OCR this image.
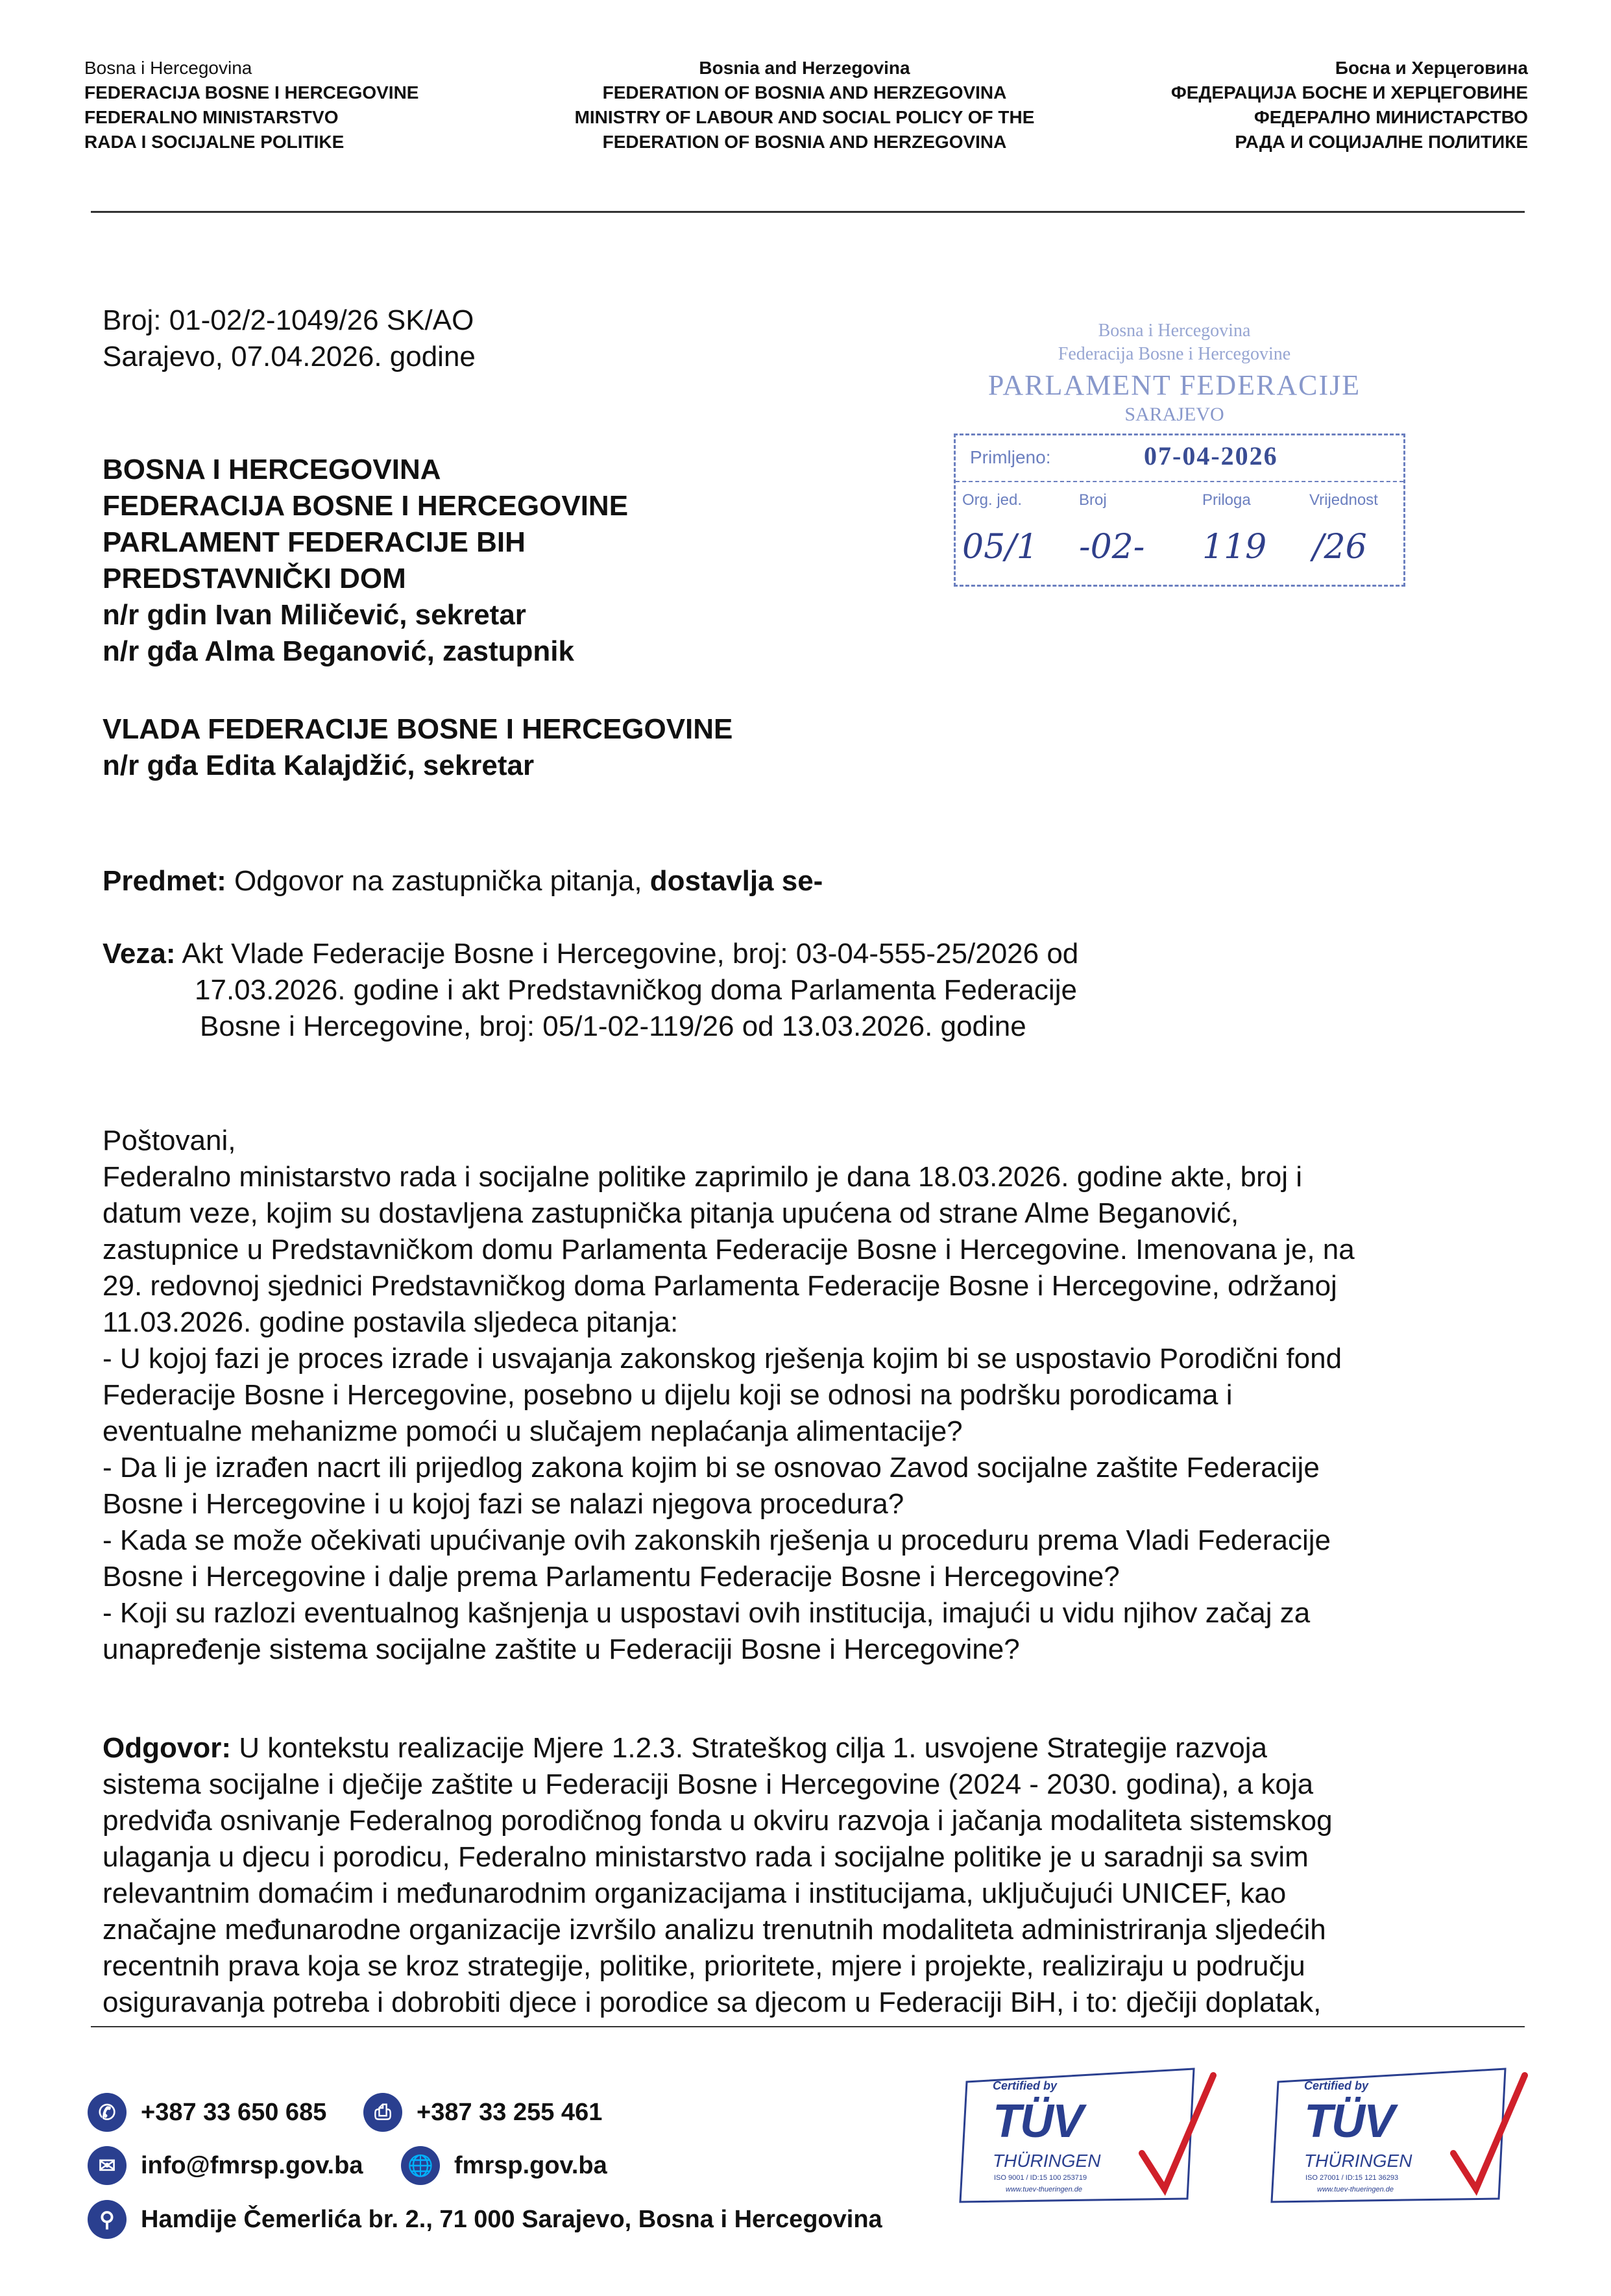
Bosna i Hercegovina
FEDERACIJA BOSNE I HERCEGOVINE
FEDERALNO MINISTARSTVO
RADA I SOCIJALNE POLITIKE
Bosnia and Herzegovina
FEDERATION OF BOSNIA AND HERZEGOVINA
MINISTRY OF LABOUR AND SOCIAL POLICY OF THE
FEDERATION OF BOSNIA AND HERZEGOVINA
Босна и Херцеговина
ФЕДЕРАЦИЈА БОСНЕ И ХЕРЦЕГОВИНЕ
ФЕДЕРАЛНО МИНИСТАРСТВО
РАДА И СОЦИЈАЛНЕ ПОЛИТИКЕ
Broj: 01-02/2-1049/26 SK/AO
Sarajevo, 07.04.2026. godine
Bosna i Hercegovina
Federacija Bosne i Hercegovine
PARLAMENT FEDERACIJE
SARAJEVO
Primljeno:	07-04-2026
Org. jed.	Broj	Priloga	Vrijednost
05/1 -02- 119 /26
BOSNA I HERCEGOVINA
FEDERACIJA BOSNE I HERCEGOVINE
PARLAMENT FEDERACIJE BIH
PREDSTAVNIČKI DOM
n/r gdin Ivan Miličević, sekretar
n/r gđa Alma Beganović, zastupnik
VLADA FEDERACIJE BOSNE I HERCEGOVINE
n/r gđa Edita Kalajdžić, sekretar
Predmet: Odgovor na zastupnička pitanja, dostavlja se-
Veza: Akt Vlade Federacije Bosne i Hercegovine, broj: 03-04-555-25/2026 od
17.03.2026. godine i akt Predstavničkog doma Parlamenta Federacije
Bosne i Hercegovine, broj: 05/1-02-119/26 od 13.03.2026. godine
Poštovani,
Federalno ministarstvo rada i socijalne politike zaprimilo je dana 18.03.2026. godine akte, broj i
datum veze, kojim su dostavljena zastupnička pitanja upućena od strane Alme Beganović,
zastupnice u Predstavničkom domu Parlamenta Federacije Bosne i Hercegovine. Imenovana je, na
29. redovnoj sjednici Predstavničkog doma Parlamenta Federacije Bosne i Hercegovine, održanoj
11.03.2026. godine postavila sljedeca pitanja:
- U kojoj fazi je proces izrade i usvajanja zakonskog rješenja kojim bi se uspostavio Porodični fond
Federacije Bosne i Hercegovine, posebno u dijelu koji se odnosi na podršku porodicama i
eventualne mehanizme pomoći u slučajem neplaćanja alimentacije?
- Da li je izrađen nacrt ili prijedlog zakona kojim bi se osnovao Zavod socijalne zaštite Federacije
Bosne i Hercegovine i u kojoj fazi se nalazi njegova procedura?
- Kada se može očekivati upućivanje ovih zakonskih rješenja u proceduru prema Vladi Federacije
Bosne i Hercegovine i dalje prema Parlamentu Federacije Bosne i Hercegovine?
- Koji su razlozi eventualnog kašnjenja u uspostavi ovih institucija, imajući u vidu njihov začaj za
unapređenje sistema socijalne zaštite u Federaciji Bosne i Hercegovine?
Odgovor: U kontekstu realizacije Mjere 1.2.3. Strateškog cilja 1. usvojene Strategije razvoja
sistema socijalne i dječije zaštite u Federaciji Bosne i Hercegovine (2024 - 2030. godina), a koja
predviđa osnivanje Federalnog porodičnog fonda u okviru razvoja i jačanja modaliteta sistemskog
ulaganja u djecu i porodicu, Federalno ministarstvo rada i socijalne politike je u saradnji sa svim
relevantnim domaćim i međunarodnim organizacijama i institucijama, uključujući UNICEF, kao
značajne međunarodne organizacije izvršilo analizu trenutnih modaliteta administriranja sljedećih
recentnih prava koja se kroz strategije, politike, prioritete, mjere i projekte, realiziraju u području
osiguravanja potreba i dobrobiti djece i porodice sa djecom u Federaciji BiH, i to: dječiji doplatak,
✆	+387 33 650 685	⎙	+387 33 255 461
✉	info@fmrsp.gov.ba	🌐 fmrsp.gov.ba
⚲	Hamdije Čemerlića br. 2., 71 000 Sarajevo, Bosna i Hercegovina
Certified by
TÜV
THÜRINGEN
ISO 9001 / ID:15 100 253719
www.tuev-thueringen.de
Certified by
TÜV
THÜRINGEN
ISO 27001 / ID:15 121 36293
www.tuev-thueringen.de
